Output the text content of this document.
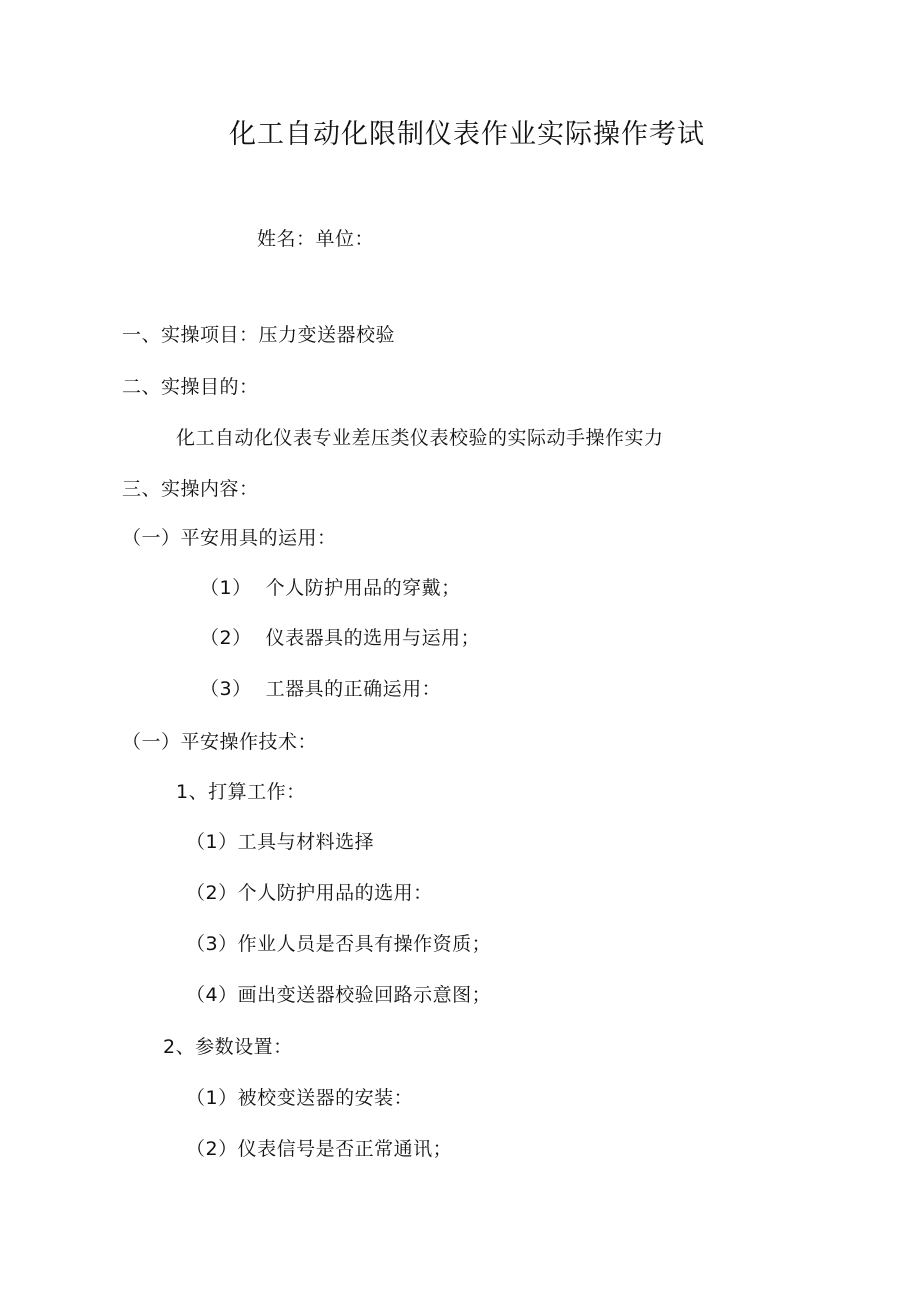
化工自动化限制仪表作业实际操作考试
姓名：单位：
一、实操项目：压力变送器校验
二、实操目的：
化工自动化仪表专业差压类仪表校验的实际动手操作实力
三、实操内容：
（一）平安用具的运用：
（1） 个人防护用品的穿戴；
（2） 仪表器具的选用与运用；
（3） 工器具的正确运用：
（一）平安操作技术：
1、打算工作：
（1）工具与材料选择
（2）个人防护用品的选用：
（3）作业人员是否具有操作资质；
（4）画出变送器校验回路示意图；
2、参数设置：
（1）被校变送器的安装：
（2）仪表信号是否正常通讯；
